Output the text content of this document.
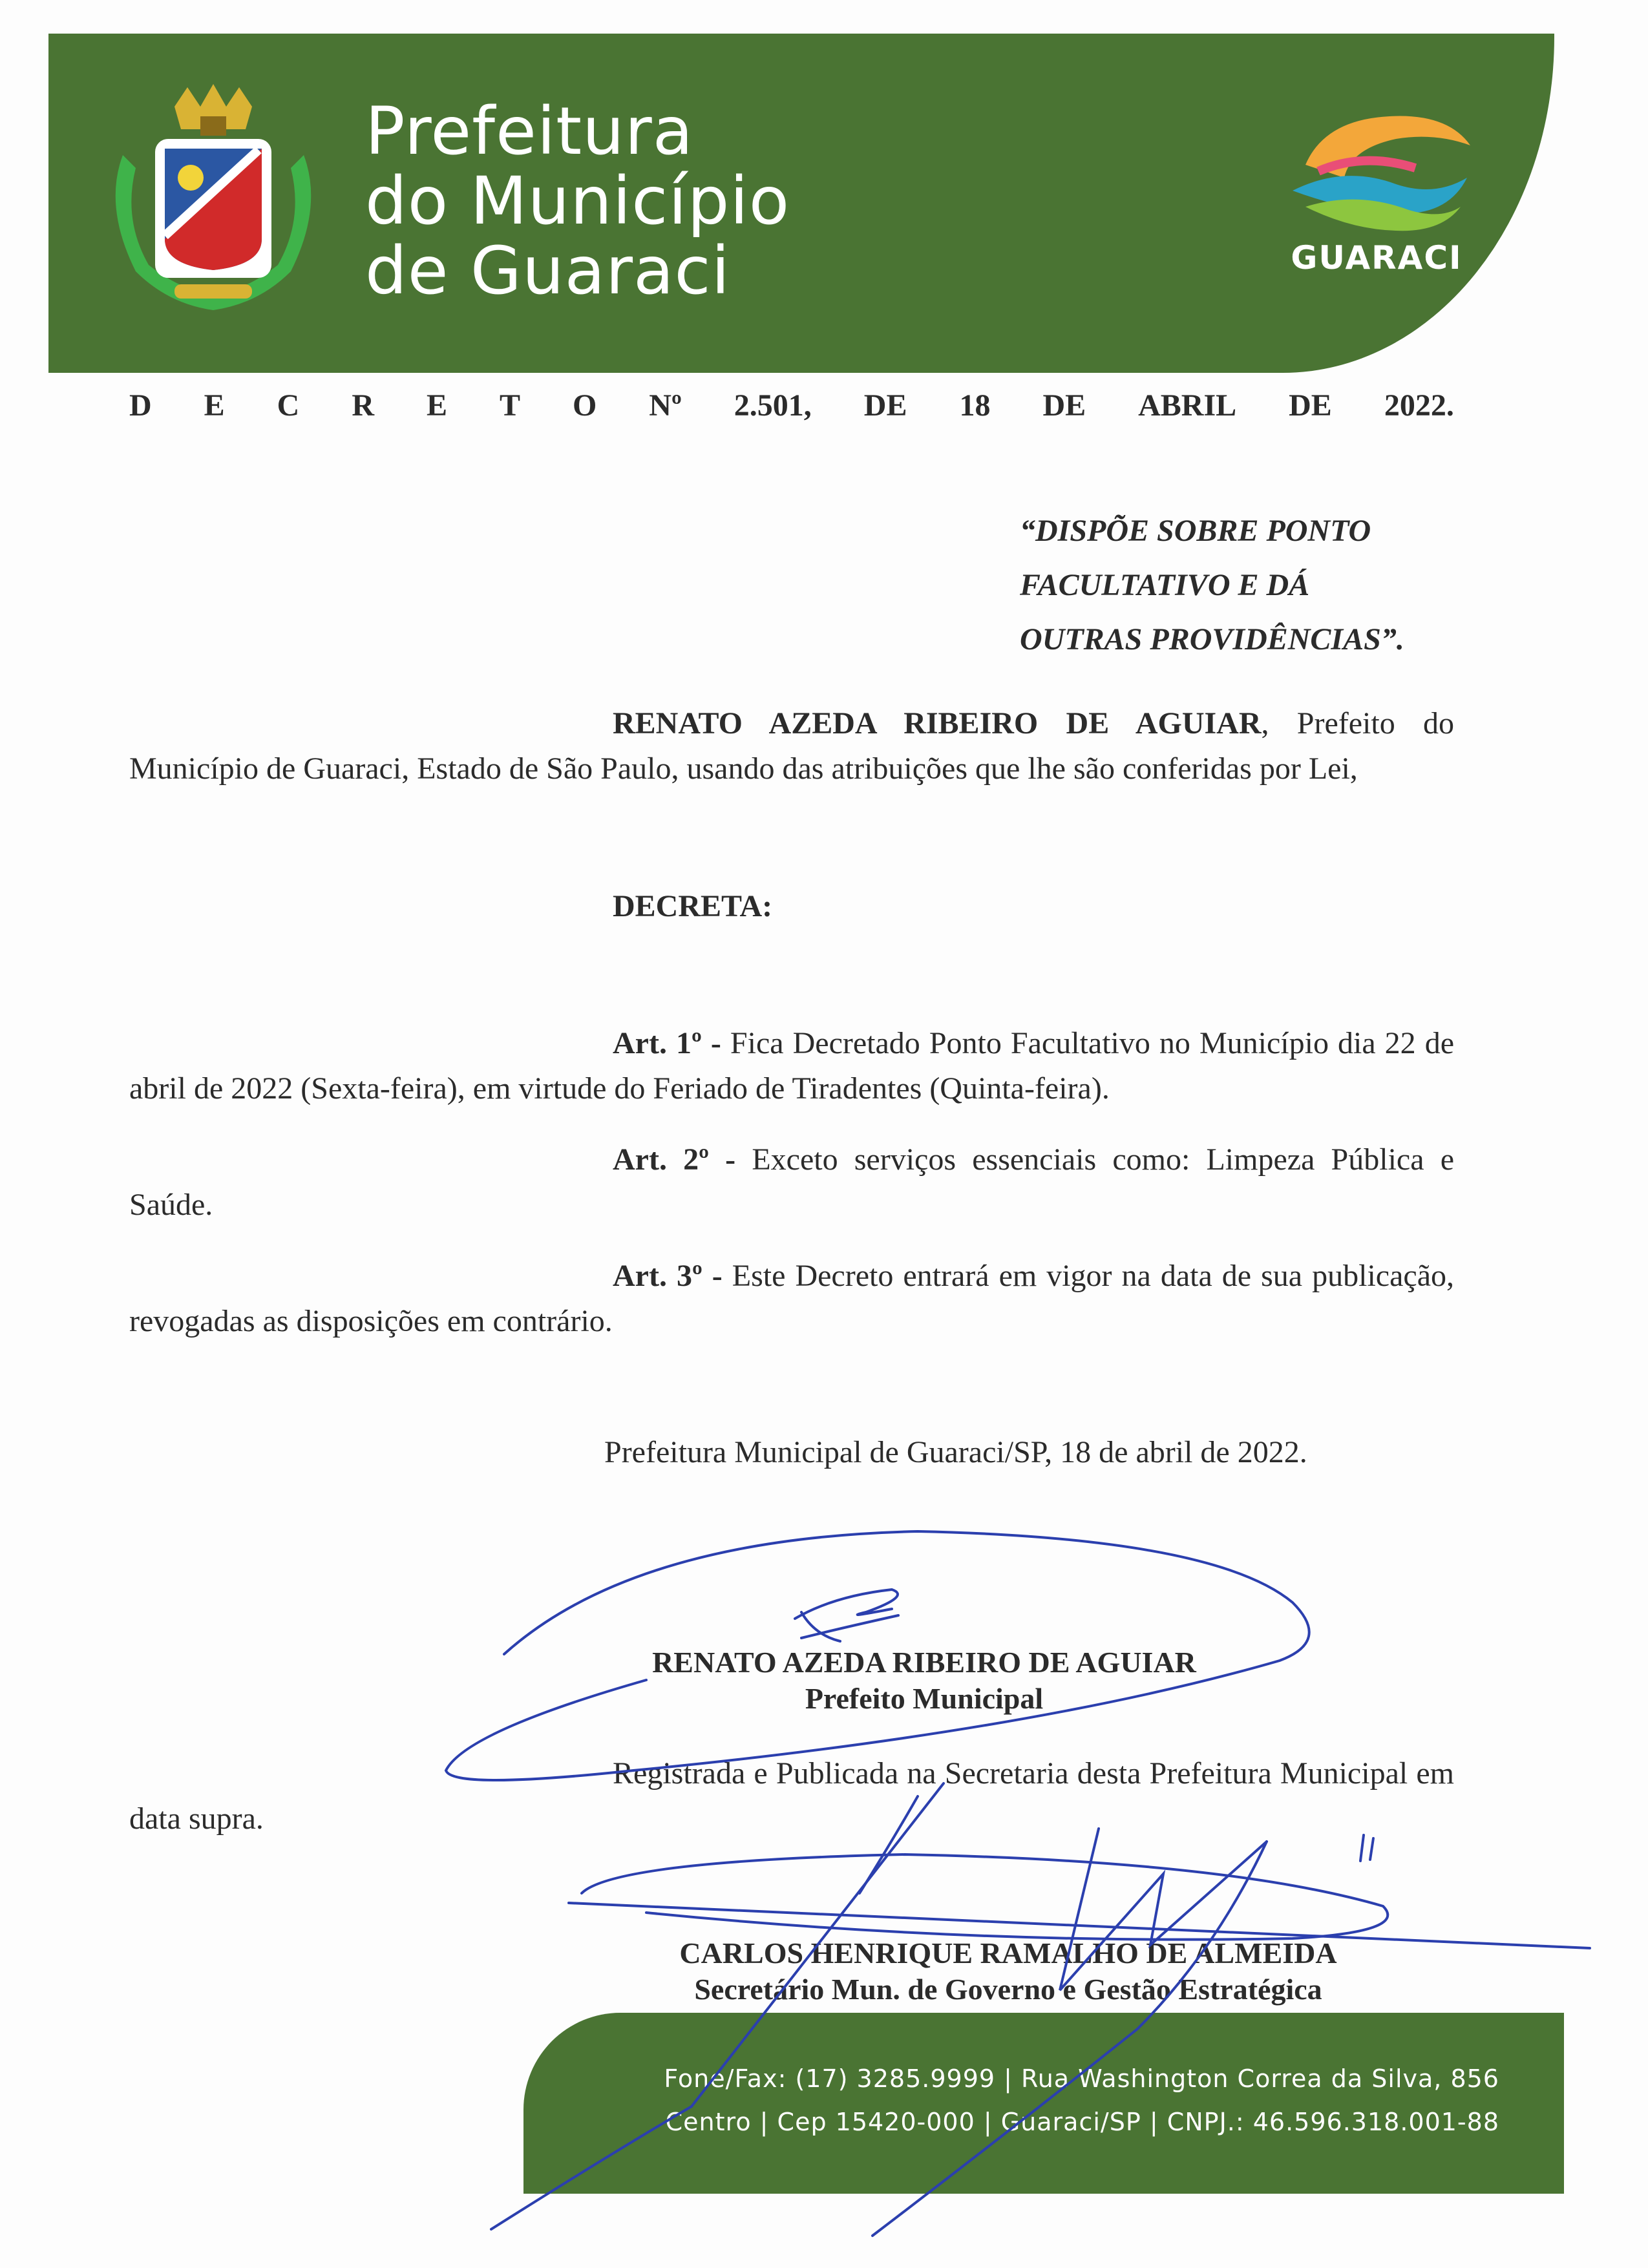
Prefeitura
do Município
de Guaraci	GUARACI
D E C R E T O Nº 2.501, DE 18 DE ABRIL DE 2022.
“DISPÕE SOBRE PONTO
FACULTATIVO E DÁ
OUTRAS PROVIDÊNCIAS”.
RENATO AZEDA RIBEIRO DE AGUIAR, Prefeito do Município de Guaraci, Estado de São Paulo, usando das atribuições que lhe são conferidas por Lei,
DECRETA:
Art. 1º - Fica Decretado Ponto Facultativo no Município dia 22 de abril de 2022 (Sexta-feira), em virtude do Feriado de Tiradentes (Quinta-feira).
Art. 2º - Exceto serviços essenciais como: Limpeza Pública e Saúde.
Art. 3º - Este Decreto entrará em vigor na data de sua publicação, revogadas as disposições em contrário.
Prefeitura Municipal de Guaraci/SP, 18 de abril de 2022.
RENATO AZEDA RIBEIRO DE AGUIAR
Prefeito Municipal
Registrada e Publicada na Secretaria desta Prefeitura Municipal em data supra.
CARLOS HENRIQUE RAMALHO DE ALMEIDA
Secretário Mun. de Governo e Gestão Estratégica
Fone/Fax: (17) 3285.9999 | Rua Washington Correa da Silva, 856
Centro | Cep 15420-000 | Guaraci/SP | CNPJ.: 46.596.318.001-88
